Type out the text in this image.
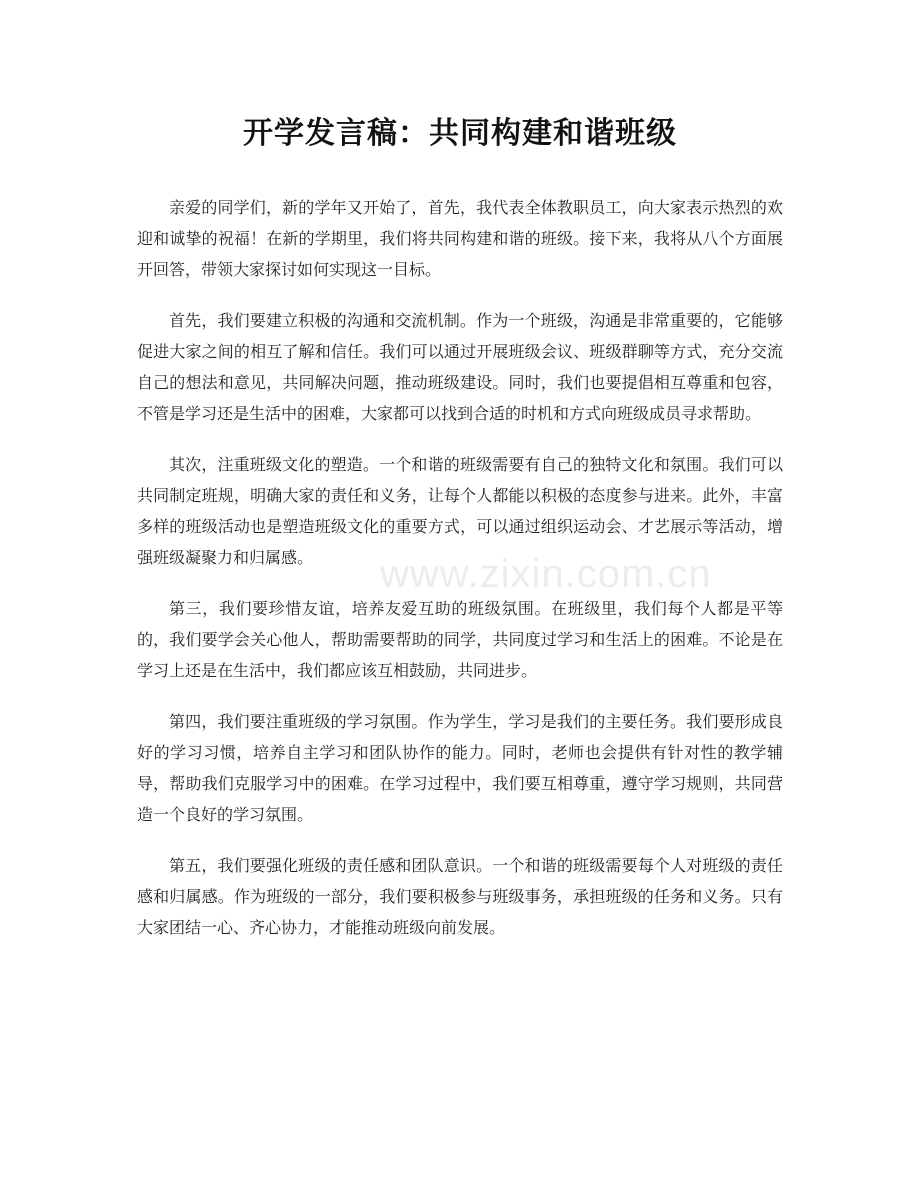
开学发言稿：共同构建和谐班级

亲爱的同学们，新的学年又开始了，首先，我代表全体教职员工，向大家表示热烈的欢迎和诚挚的祝福！在新的学期里，我们将共同构建和谐的班级。接下来，我将从八个方面展开回答，带领大家探讨如何实现这一目标。

首先，我们要建立积极的沟通和交流机制。作为一个班级，沟通是非常重要的，它能够促进大家之间的相互了解和信任。我们可以通过开展班级会议、班级群聊等方式，充分交流自己的想法和意见，共同解决问题，推动班级建设。同时，我们也要提倡相互尊重和包容，不管是学习还是生活中的困难，大家都可以找到合适的时机和方式向班级成员寻求帮助。

其次，注重班级文化的塑造。一个和谐的班级需要有自己的独特文化和氛围。我们可以共同制定班规，明确大家的责任和义务，让每个人都能以积极的态度参与进来。此外，丰富多样的班级活动也是塑造班级文化的重要方式，可以通过组织运动会、才艺展示等活动，增强班级凝聚力和归属感。

第三，我们要珍惜友谊，培养友爱互助的班级氛围。在班级里，我们每个人都是平等的，我们要学会关心他人，帮助需要帮助的同学，共同度过学习和生活上的困难。不论是在学习上还是在生活中，我们都应该互相鼓励，共同进步。

第四，我们要注重班级的学习氛围。作为学生，学习是我们的主要任务。我们要形成良好的学习习惯，培养自主学习和团队协作的能力。同时，老师也会提供有针对性的教学辅导，帮助我们克服学习中的困难。在学习过程中，我们要互相尊重，遵守学习规则，共同营造一个良好的学习氛围。

第五，我们要强化班级的责任感和团队意识。一个和谐的班级需要每个人对班级的责任感和归属感。作为班级的一部分，我们要积极参与班级事务，承担班级的任务和义务。只有大家团结一心、齐心协力，才能推动班级向前发展。

www.zixin.com.cn
